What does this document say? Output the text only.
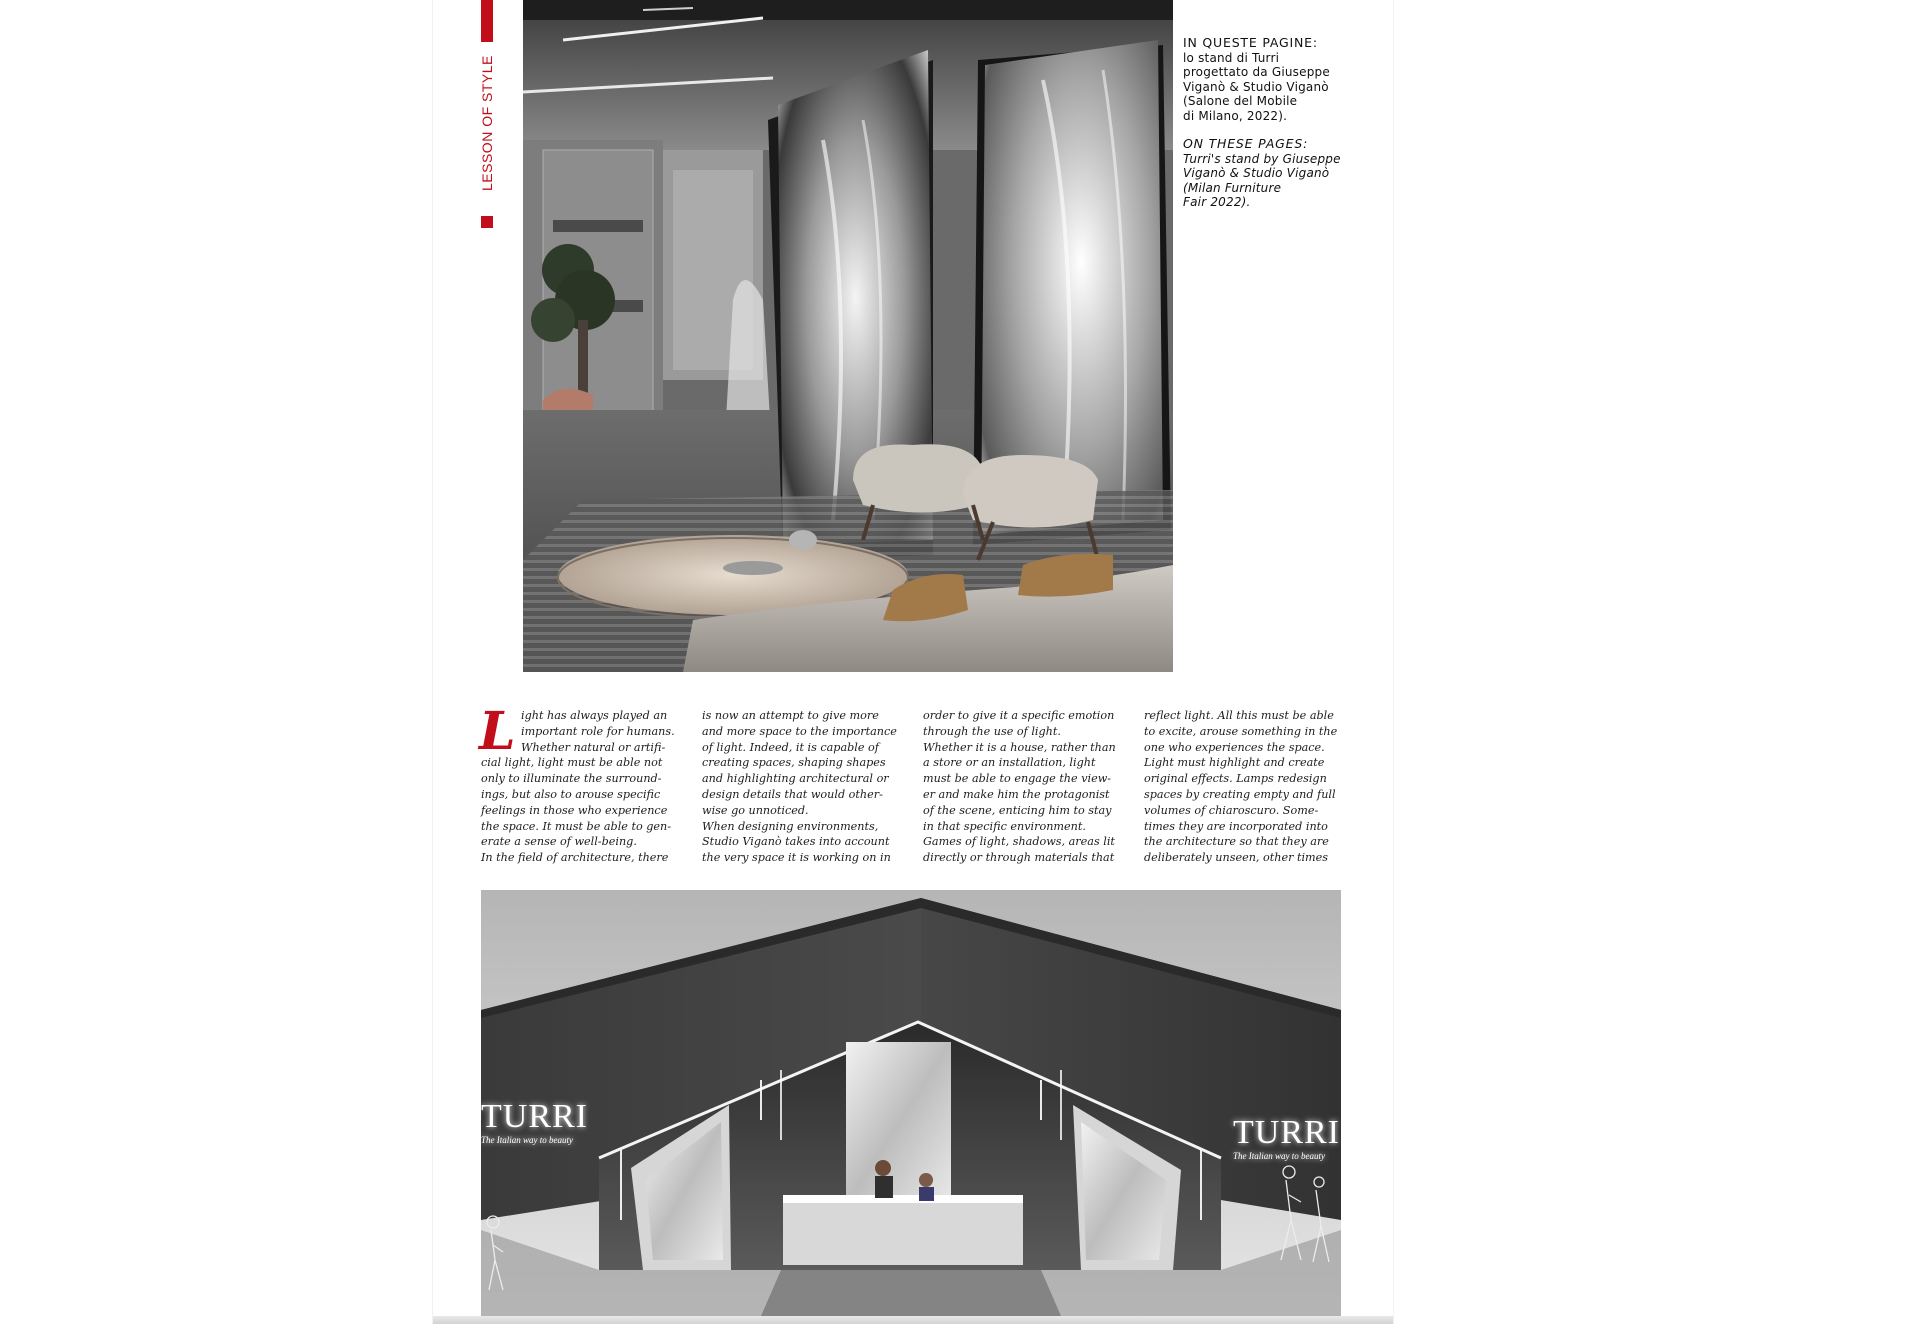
LESSON OF STYLE

IN QUESTE PAGINE:

lo stand di Turri
progettato da Giuseppe
Viganò & Studio Viganò
(Salone del Mobile
di Milano, 2022).

ON THESE PAGES:

Turri's stand by Giuseppe
Viganò & Studio Viganò
(Milan Furniture
Fair 2022).

L ight has always played an
important role for humans.
Whether natural or artifi-

cial light, light must be able not
only to illuminate the surround-
ings, but also to arouse specific
feelings in those who experience
the space. It must be able to gen-
erate a sense of well-being.
In the field of architecture, there

is now an attempt to give more
and more space to the importance
of light. Indeed, it is capable of
creating spaces, shaping shapes
and highlighting architectural or
design details that would other-
wise go unnoticed.
When designing environments,
Studio Viganò takes into account
the very space it is working on in
order to give it a specific emotion
through the use of light.
Whether it is a house, rather than
a store or an installation, light
must be able to engage the view-
er and make him the protagonist
of the scene, enticing him to stay
in that specific environment.
Games of light, shadows, areas lit
directly or through materials that
reflect light. All this must be able
to excite, arouse something in the
one who experiences the space.
Light must highlight and create
original effects. Lamps redesign
spaces by creating empty and full
volumes of chiaroscuro. Some-
times they are incorporated into
the architecture so that they are
deliberately unseen, other times
TURRI
The Italian way to beauty	TURRI
The Italian way to beauty
